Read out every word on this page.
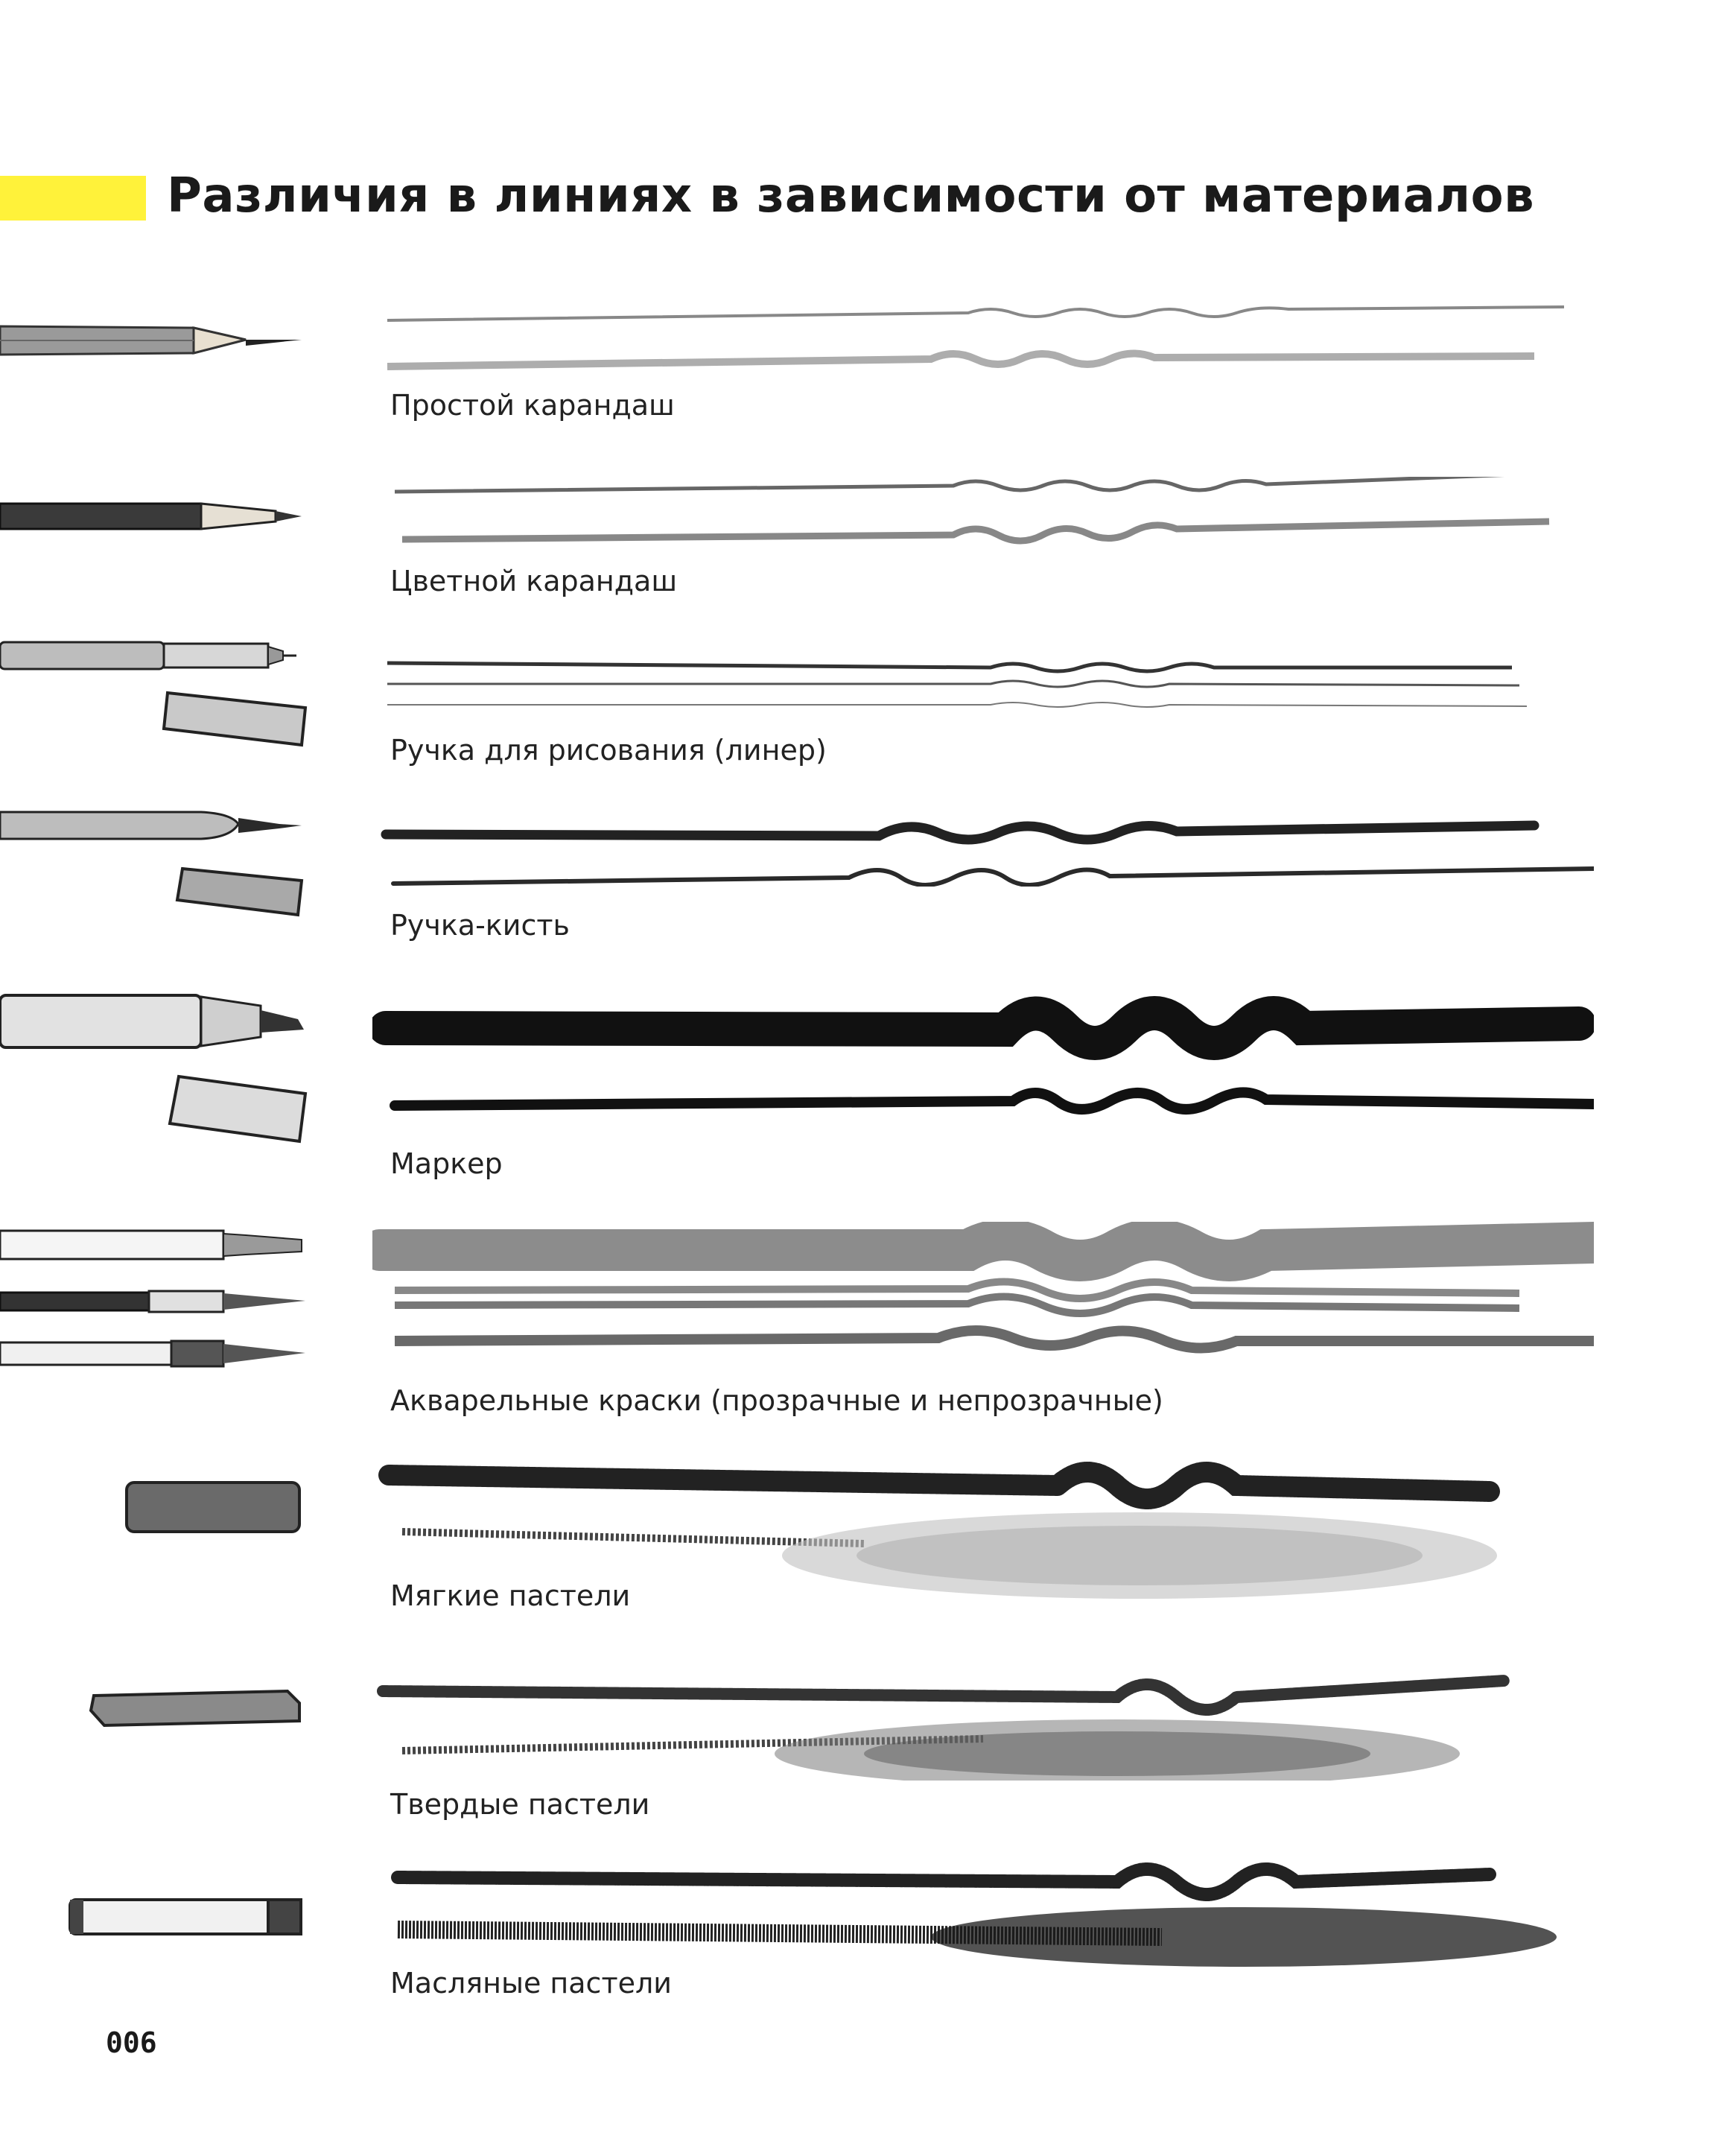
Различия в линиях в зависимости от материалов
Простой карандаш
Цветной карандаш
Ручка для рисования (линер)
Ручка-кисть
Маркер
Акварельные краски (прозрачные и непрозрачные)
Мягкие пастели
Твердые пастели
Масляные пастели
006
